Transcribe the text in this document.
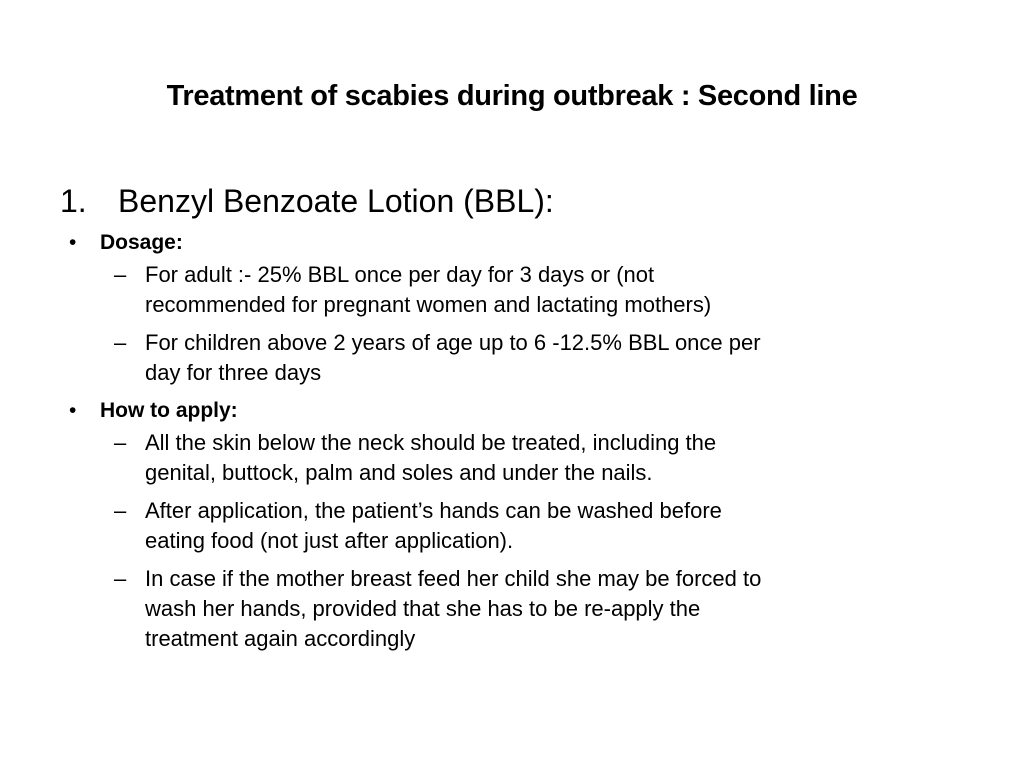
Treatment of scabies during outbreak : Second line
1. Benzyl Benzoate Lotion (BBL):
• Dosage:
– For adult :- 25% BBL once per day for 3 days or (not
recommended for pregnant women and lactating mothers)
– For children above 2 years of age up to 6 -12.5% BBL once per
day for three days
• How to apply:
– All the skin below the neck should be treated, including the
genital, buttock, palm and soles and under the nails.
– After application, the patient’s hands can be washed before
eating food (not just after application).
– In case if the mother breast feed her child she may be forced to
wash her hands, provided that she has to be re-apply the
treatment again accordingly
